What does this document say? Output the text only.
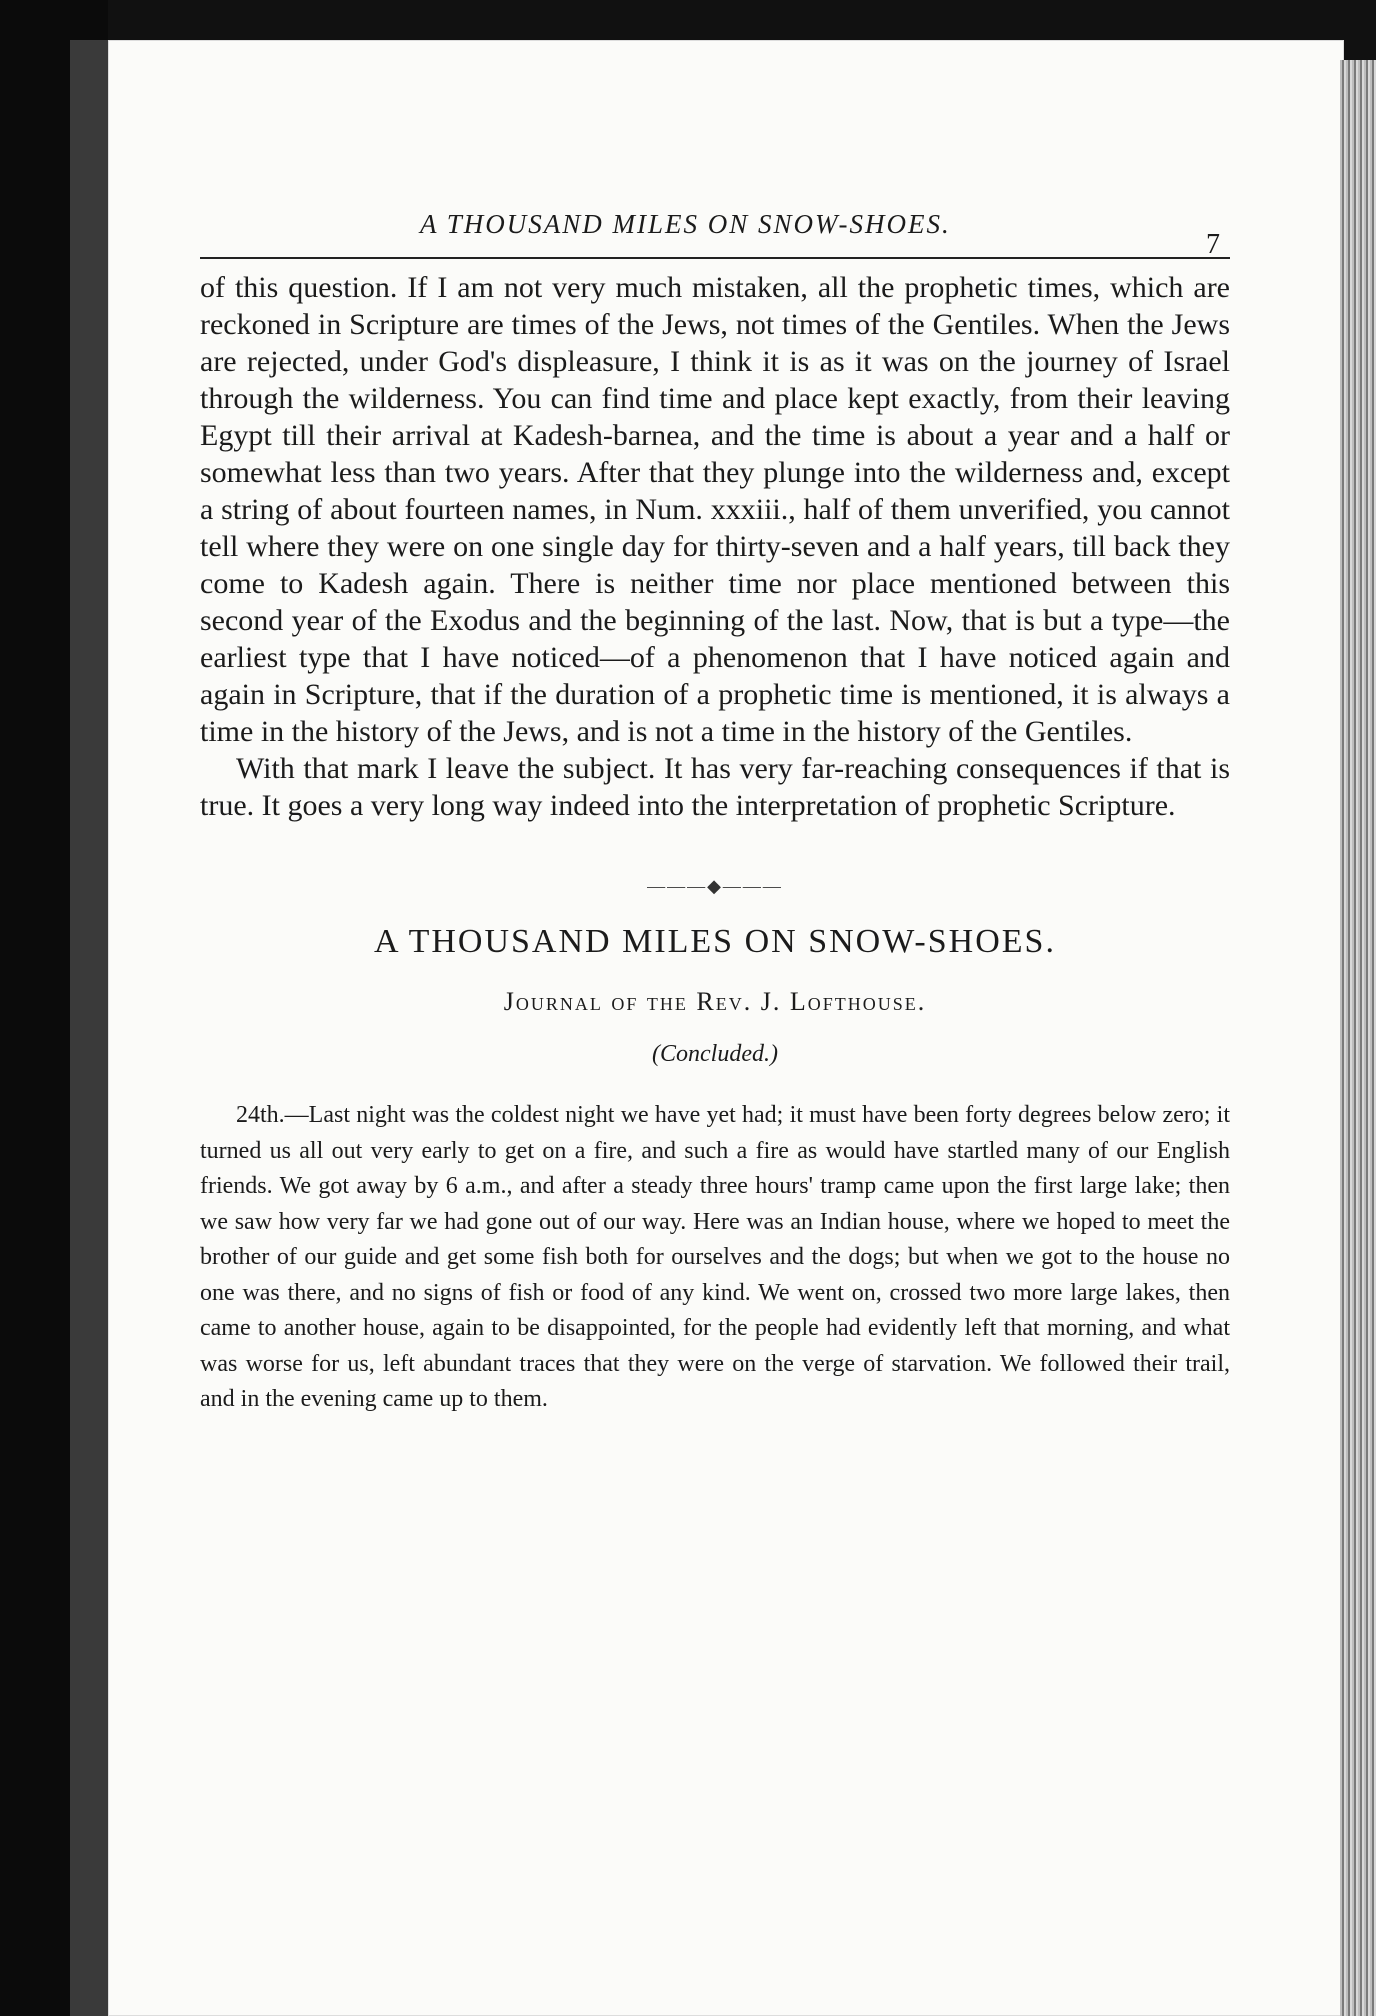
A THOUSAND MILES ON SNOW-SHOES.
7

of this question. If I am not very much mistaken, all the prophetic times, which are reckoned in Scripture are times of the Jews, not times of the Gentiles. When the Jews are rejected, under God's displeasure, I think it is as it was on the journey of Israel through the wilderness. You can find time and place kept exactly, from their leaving Egypt till their arrival at Kadesh-barnea, and the time is about a year and a half or somewhat less than two years. After that they plunge into the wilderness and, except a string of about fourteen names, in Num. xxxiii., half of them unverified, you cannot tell where they were on one single day for thirty-seven and a half years, till back they come to Kadesh again. There is neither time nor place mentioned between this second year of the Exodus and the beginning of the last. Now, that is but a type—the earliest type that I have noticed—of a phenomenon that I have noticed again and again in Scripture, that if the duration of a prophetic time is mentioned, it is always a time in the history of the Jews, and is not a time in the history of the Gentiles.

With that mark I leave the subject. It has very far-reaching consequences if that is true. It goes a very long way indeed into the interpretation of prophetic Scripture.

———◆———
A THOUSAND MILES ON SNOW-SHOES.
Journal of the Rev. J. Lofthouse.
(Concluded.)

24th.—Last night was the coldest night we have yet had; it must have been forty degrees below zero; it turned us all out very early to get on a fire, and such a fire as would have startled many of our English friends. We got away by 6 a.m., and after a steady three hours' tramp came upon the first large lake; then we saw how very far we had gone out of our way. Here was an Indian house, where we hoped to meet the brother of our guide and get some fish both for ourselves and the dogs; but when we got to the house no one was there, and no signs of fish or food of any kind. We went on, crossed two more large lakes, then came to another house, again to be disappointed, for the people had evidently left that morning, and what was worse for us, left abundant traces that they were on the verge of starvation. We followed their trail, and in the evening came up to them.
